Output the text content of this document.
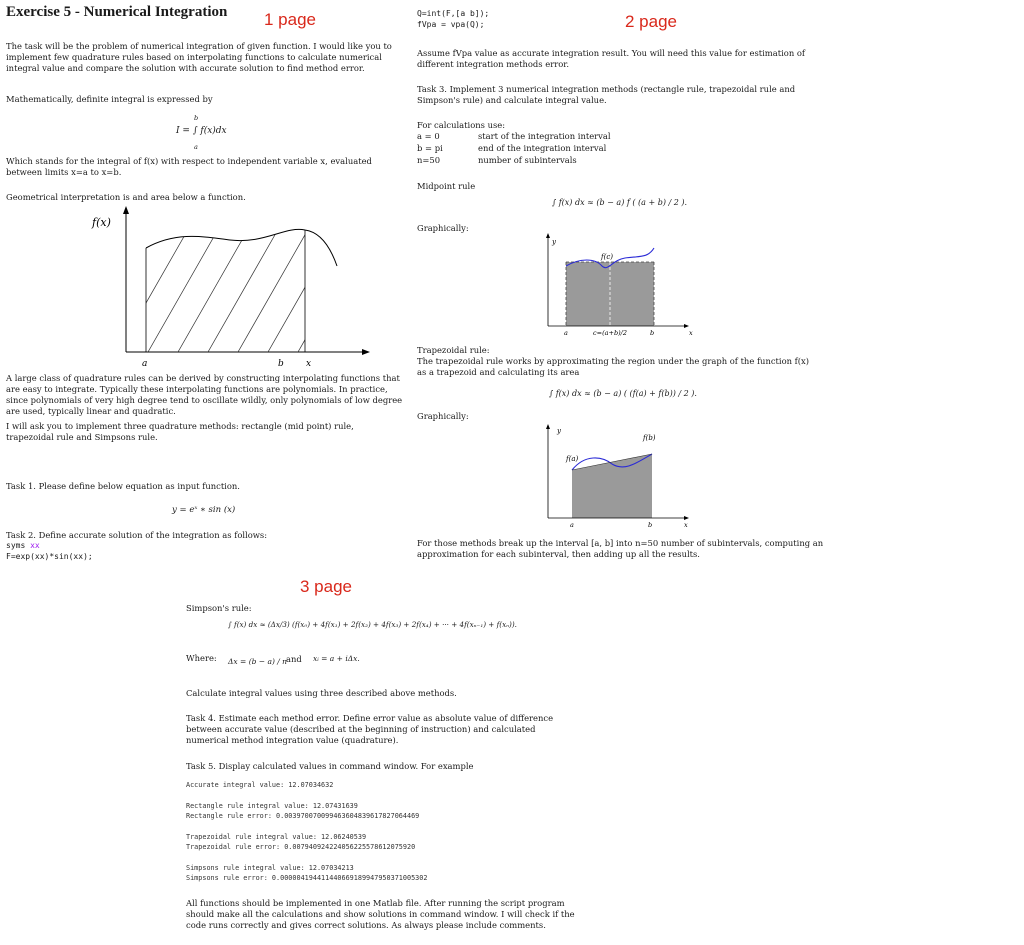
Exercise 5 - Numerical Integration 1 page

The task will be the problem of numerical integration of given function. I would like you to implement few quadrature rules based on interpolating functions to calculate numerical integral value and compare the solution with accurate solution to find method error.

Mathematically, definite integral is expressed by

b
I = ∫ f(x)dx
a

Which stands for the integral of f(x) with respect to independent variable x, evaluated between limits x=a to x=b.

Geometrical interpretation is and area below a function.

f(x)
a	b x

A large class of quadrature rules can be derived by constructing interpolating functions that are easy to integrate. Typically these interpolating functions are polynomials. In practice, since polynomials of very high degree tend to oscillate wildly, only polynomials of low degree are used, typically linear and quadratic.

I will ask you to implement three quadrature methods: rectangle (mid point) rule, trapezoidal rule and Simpsons rule.

Task 1. Please define below equation as input function.

y = eˣ ∗ sin (x)

Task 2. Define accurate solution of the integration as follows:

syms xx
F=exp(xx)*sin(xx);
Q=int(F,[a b]);
fVpa = vpa(Q);	2 page

Assume fVpa value as accurate integration result. You will need this value for estimation of different integration methods error.

Task 3. Implement 3 numerical integration methods (rectangle rule, trapezoidal rule and Simpson's rule) and calculate integral value.

For calculations use:

a = 0	start of the integration interval
b = pi	end of the integration interval
n=50	number of subintervals

Midpoint rule

∫ f(x) dx ≈ (b − a) f ( (a + b) / 2 ).

Graphically:

y
f(c)
a	c=(a+b)/2	b	x

Trapezoidal rule:

The trapezoidal rule works by approximating the region under the graph of the function f(x) as a trapezoid and calculating its area

∫ f(x) dx ≈ (b − a) ( (f(a) + f(b)) / 2 ).

Graphically:

y
f(a)
f(b)
a	b	x

For those methods break up the interval [a, b] into n=50 number of subintervals, computing an approximation for each subinterval, then adding up all the results.

3 page

Simpson's rule:

∫ f(x) dx ≈ (Δx/3) (f(x₀) + 4f(x₁) + 2f(x₂) + 4f(x₃) + 2f(x₄) + ··· + 4f(xₙ₋₁) + f(xₙ)).

Where: Δx = (b − a) / n

and xᵢ = a + iΔx.

Calculate integral values using three described above methods.

Task 4. Estimate each method error. Define error value as absolute value of difference between accurate value (described at the beginning of instruction) and calculated numerical method integration value (quadrature).

Task 5. Display calculated values in command window. For example

Accurate integral value: 12.07034632
Rectangle rule integral value: 12.07431639
Rectangle rule error: 0.003970070099463604839617827064469
Trapezoidal rule integral value: 12.06240539
Trapezoidal rule error: 0.007940924224056225578612075920
Simpsons rule integral value: 12.07034213
Simpsons rule error: 0.000004194411440669189947950371005302

All functions should be implemented in one Matlab file. After running the script program should make all the calculations and show solutions in command window. I will check if the code runs correctly and gives correct solutions. As always please include comments.
